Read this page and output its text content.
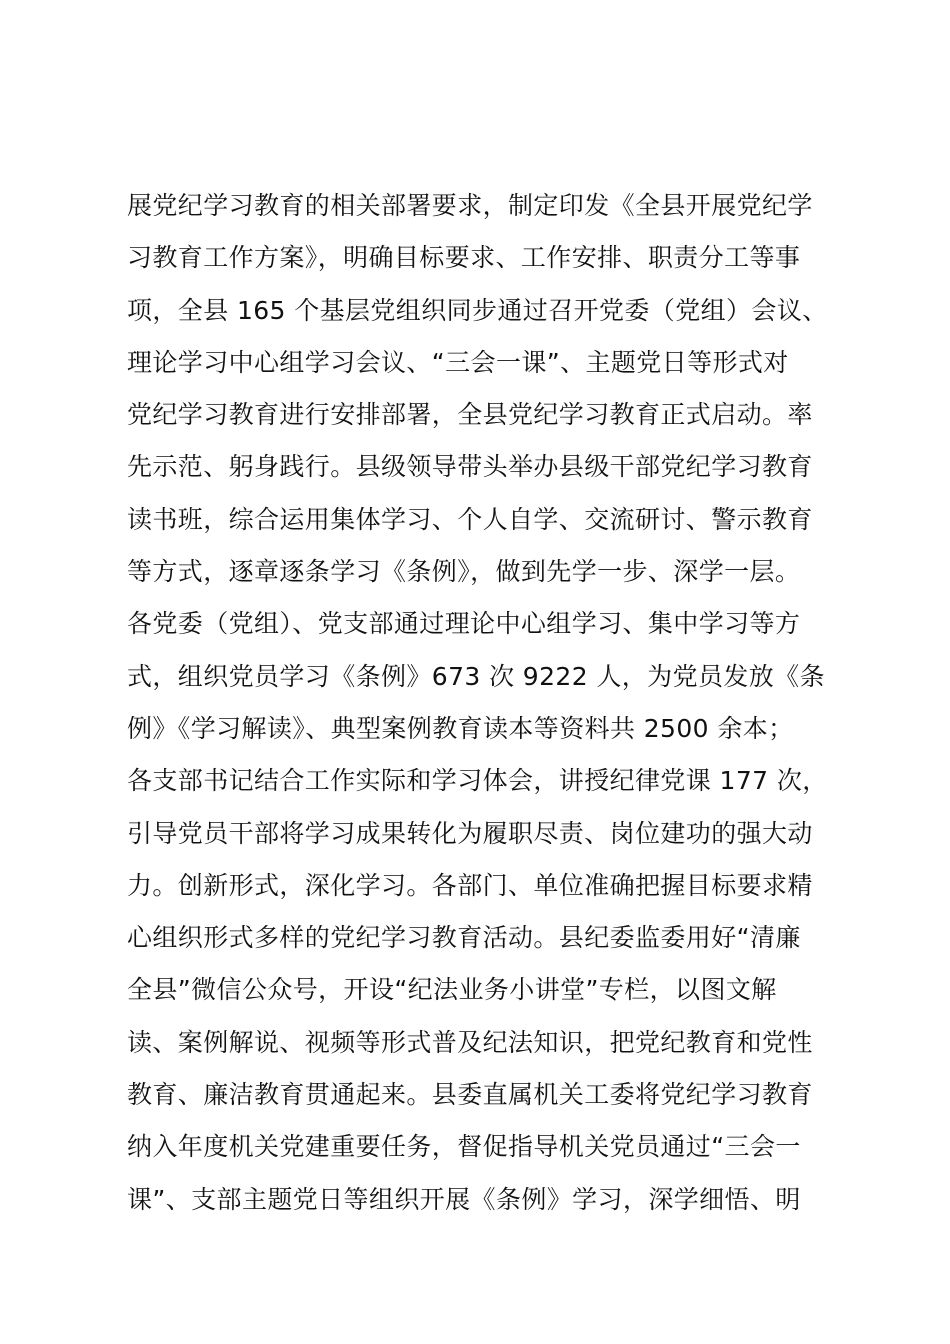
展党纪学习教育的相关部署要求，制定印发《全县开展党纪学
习教育工作方案》，明确目标要求、工作安排、职责分工等事
项，全县 165 个基层党组织同步通过召开党委（党组）会议、
理论学习中心组学习会议、“三会一课”、主题党日等形式对
党纪学习教育进行安排部署，全县党纪学习教育正式启动。率
先示范、躬身践行。县级领导带头举办县级干部党纪学习教育
读书班，综合运用集体学习、个人自学、交流研讨、警示教育
等方式，逐章逐条学习《条例》，做到先学一步、深学一层。
各党委（党组）、党支部通过理论中心组学习、集中学习等方
式，组织党员学习《条例》673 次 9222 人，为党员发放《条
例》《学习解读》、典型案例教育读本等资料共 2500 余本；
各支部书记结合工作实际和学习体会，讲授纪律党课 177 次，
引导党员干部将学习成果转化为履职尽责、岗位建功的强大动
力。创新形式，深化学习。各部门、单位准确把握目标要求精
心组织形式多样的党纪学习教育活动。县纪委监委用好“清廉
全县”微信公众号，开设“纪法业务小讲堂”专栏，以图文解
读、案例解说、视频等形式普及纪法知识，把党纪教育和党性
教育、廉洁教育贯通起来。县委直属机关工委将党纪学习教育
纳入年度机关党建重要任务，督促指导机关党员通过“三会一
课”、支部主题党日等组织开展《条例》学习，深学细悟、明
